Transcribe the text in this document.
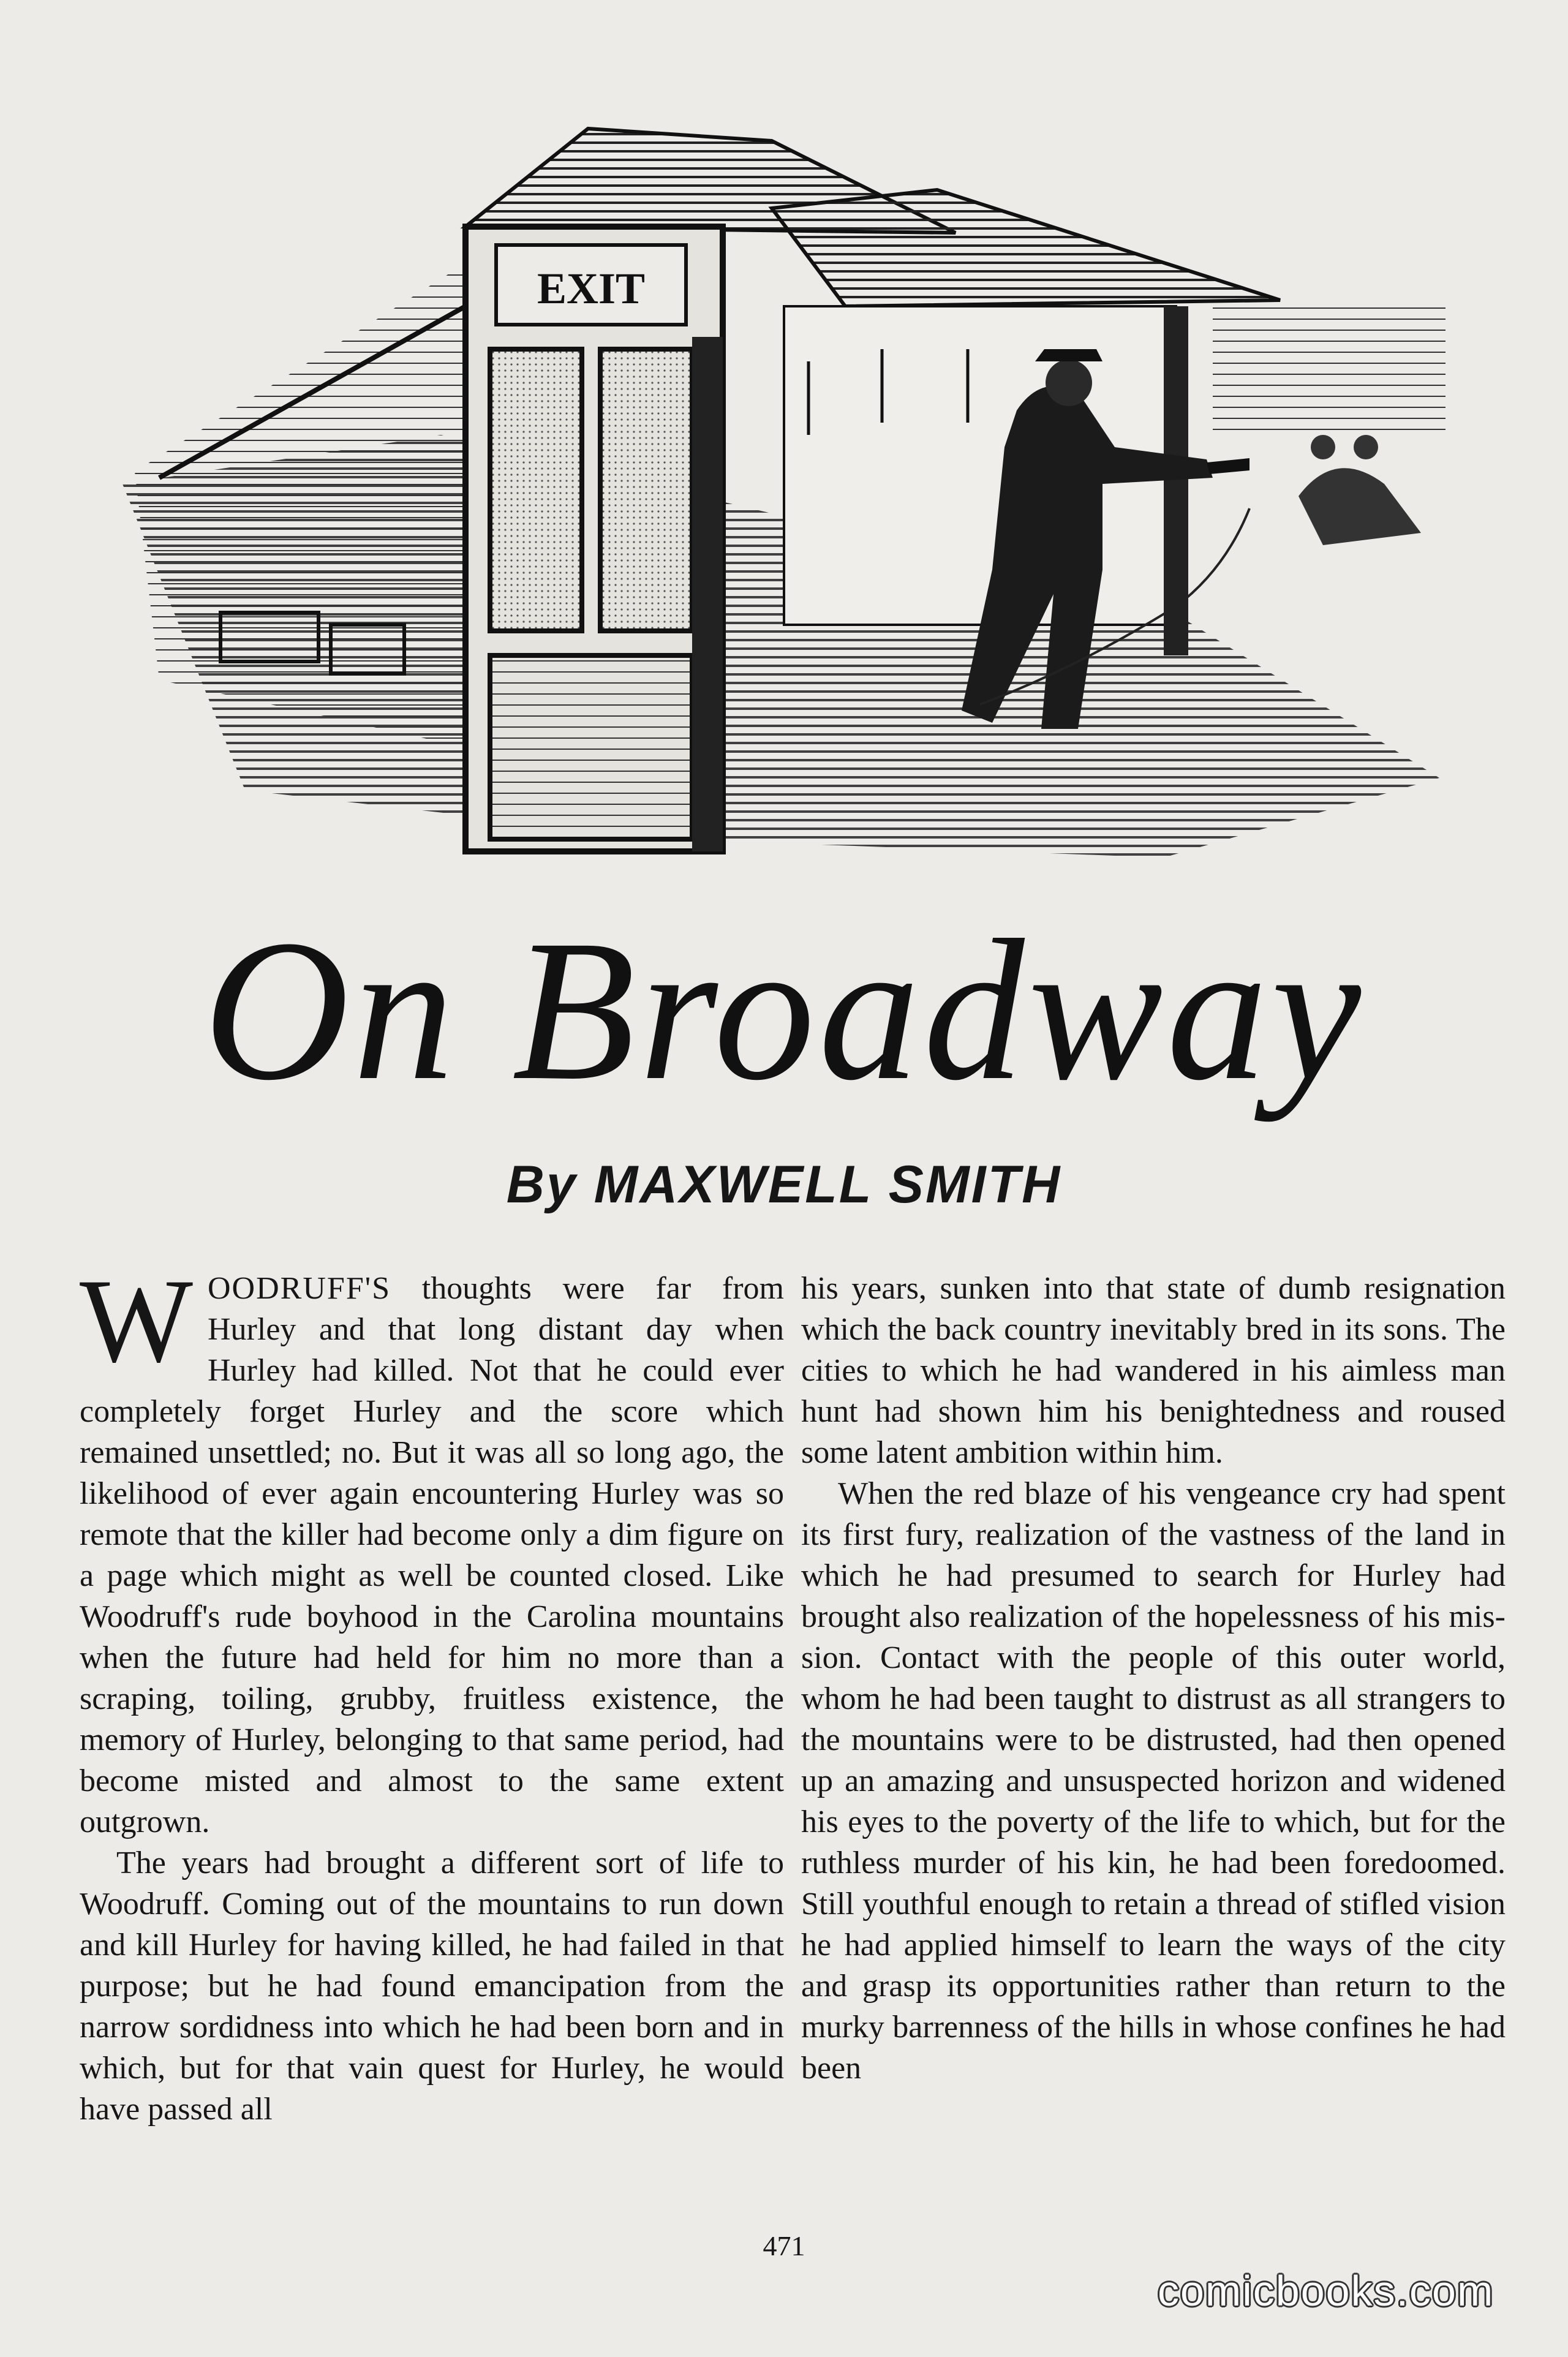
EXIT
On Broadway
By MAXWELL SMITH

WOODRUFF'S thoughts were far from Hurley and that long distant day when Hurley had killed. Not that he could ever completely forget Hurley and the score which remained unsettled; no. But it was all so long ago, the likelihood of ever again encountering Hurley was so remote that the killer had become only a dim figure on a page which might as well be counted closed. Like Woodruff's rude boyhood in the Carolina mountains when the future had held for him no more than a scraping, toiling, grubby, fruitless existence, the memory of Hurley, belonging to that same period, had become misted and almost to the same extent outgrown.

The years had brought a different sort of life to Woodruff. Coming out of the mountains to run down and kill Hurley for having killed, he had failed in that purpose; but he had found emancipation from the narrow sordidness into which he had been born and in which, but for that vain quest for Hurley, he would have passed all

his years, sunken into that state of dumb resignation which the back country inevitably bred in its sons. The cities to which he had wandered in his aimless man hunt had shown him his benightedness and roused some latent ambition within him.

When the red blaze of his vengeance cry had spent its first fury, realization of the vastness of the land in which he had presumed to search for Hurley had brought also realization of the hopelessness of his mission. Contact with the people of this outer world, whom he had been taught to distrust as all strangers to the mountains were to be distrusted, had then opened up an amazing and unsuspected horizon and widened his eyes to the poverty of the life to which, but for the ruthless murder of his kin, he had been foredoomed. Still youthful enough to retain a thread of stifled vision he had applied himself to learn the ways of the city and grasp its opportunities rather than return to the murky barrenness of the hills in whose confines he had been

471
comicbooks.com
